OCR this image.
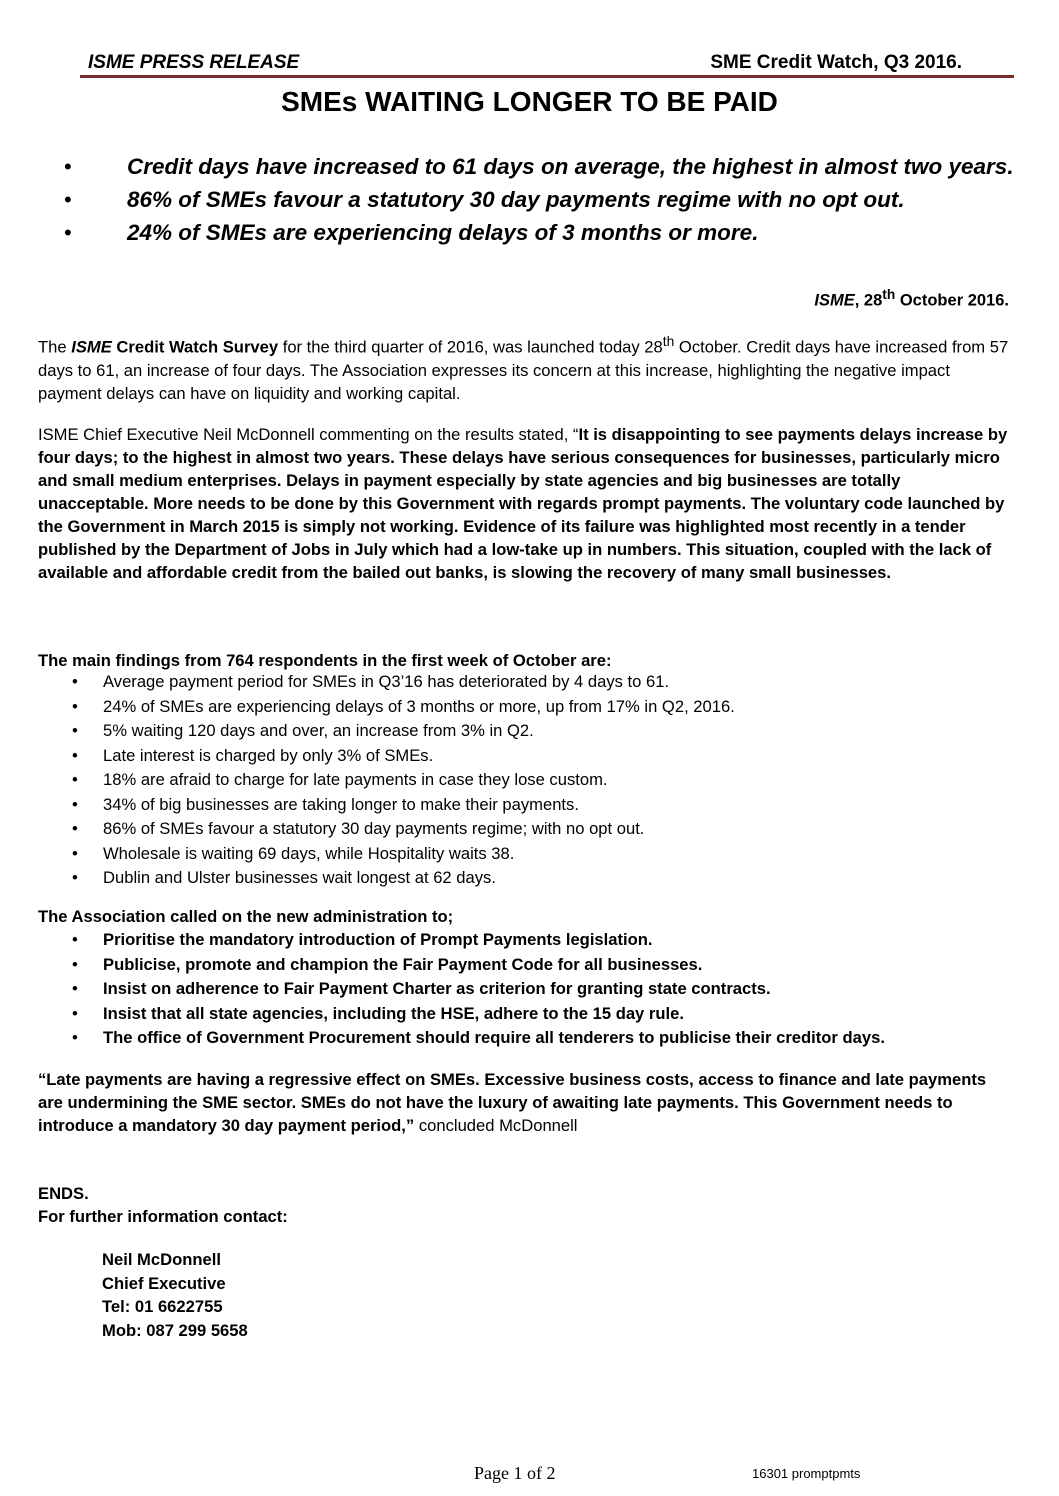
ISME PRESS RELEASE	SME Credit Watch, Q3 2016.
SMEs WAITING LONGER TO BE PAID
• Credit days have increased to 61 days on average, the highest in almost two years.
• 86% of SMEs favour a statutory 30 day payments regime with no opt out.
• 24% of SMEs are experiencing delays of 3 months or more.
ISME, 28th October 2016.

The ISME Credit Watch Survey for the third quarter of 2016, was launched today 28th October. Credit days have increased from 57 days to 61, an increase of four days. The Association expresses its concern at this increase, highlighting the negative impact payment delays can have on liquidity and working capital.

ISME Chief Executive Neil McDonnell commenting on the results stated, “It is disappointing to see payments delays increase by four days; to the highest in almost two years. These delays have serious consequences for businesses, particularly micro and small medium enterprises. Delays in payment especially by state agencies and big businesses are totally unacceptable. More needs to be done by this Government with regards prompt payments. The voluntary code launched by the Government in March 2015 is simply not working. Evidence of its failure was highlighted most recently in a tender published by the Department of Jobs in July which had a low-take up in numbers. This situation, coupled with the lack of available and affordable credit from the bailed out banks, is slowing the recovery of many small businesses.

The main findings from 764 respondents in the first week of October are:

• Average payment period for SMEs in Q3’16 has deteriorated by 4 days to 61.
• 24% of SMEs are experiencing delays of 3 months or more, up from 17% in Q2, 2016.
• 5% waiting 120 days and over, an increase from 3% in Q2.
• Late interest is charged by only 3% of SMEs.
• 18% are afraid to charge for late payments in case they lose custom.
• 34% of big businesses are taking longer to make their payments.
• 86% of SMEs favour a statutory 30 day payments regime; with no opt out.
• Wholesale is waiting 69 days, while Hospitality waits 38.
• Dublin and Ulster businesses wait longest at 62 days.

The Association called on the new administration to;

• Prioritise the mandatory introduction of Prompt Payments legislation.
• Publicise, promote and champion the Fair Payment Code for all businesses.
• Insist on adherence to Fair Payment Charter as criterion for granting state contracts.
• Insist that all state agencies, including the HSE, adhere to the 15 day rule.
• The office of Government Procurement should require all tenderers to publicise their creditor days.

“Late payments are having a regressive effect on SMEs. Excessive business costs, access to finance and late payments are undermining the SME sector. SMEs do not have the luxury of awaiting late payments. This Government needs to introduce a mandatory 30 day payment period,” concluded McDonnell

ENDS.

For further information contact:

Neil McDonnell
Chief Executive
Tel: 01 6622755
Mob: 087 299 5658
Page 1 of 2	16301 promptpmts
